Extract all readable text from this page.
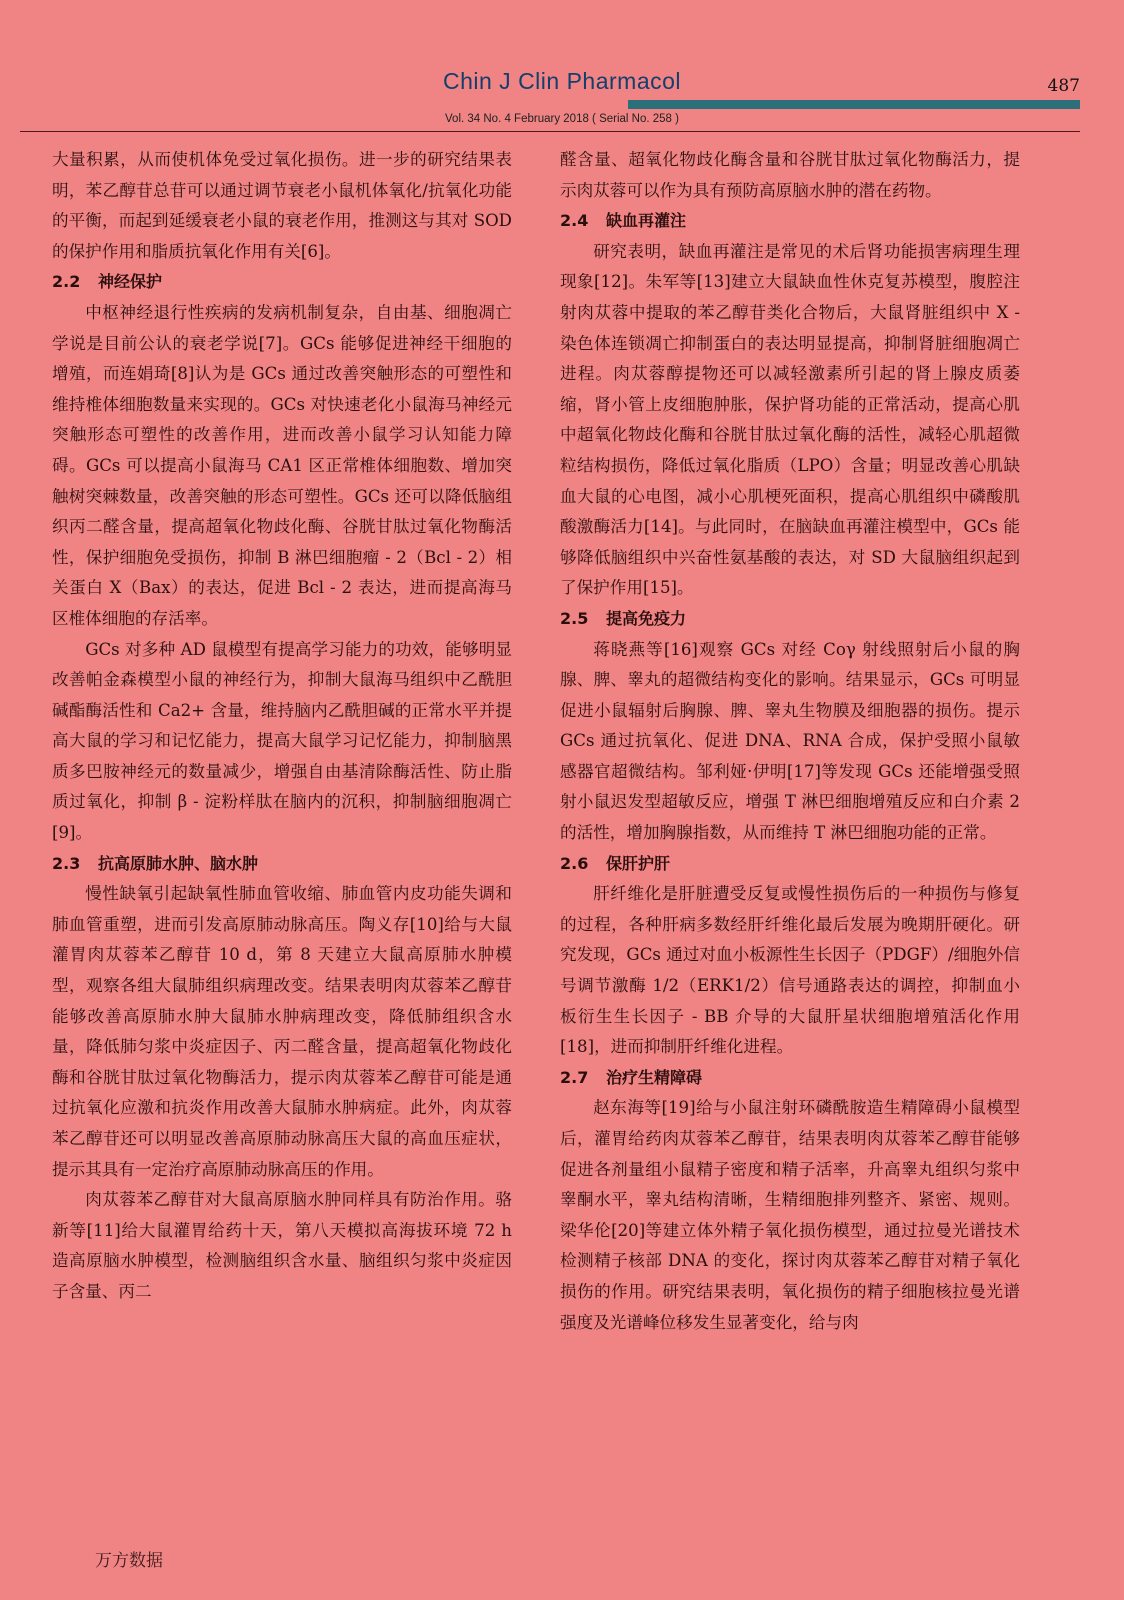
Chin J Clin Pharmacol	487
Vol. 34 No. 4 February 2018 ( Serial No. 258 )

大量积累，从而使机体免受过氧化损伤。进一步的研究结果表明，苯乙醇苷总苷可以通过调节衰老小鼠机体氧化/抗氧化功能的平衡，而起到延缓衰老小鼠的衰老作用，推测这与其对 SOD 的保护作用和脂质抗氧化作用有关[6]。

2.2 神经保护

中枢神经退行性疾病的发病机制复杂，自由基、细胞凋亡学说是目前公认的衰老学说[7]。GCs 能够促进神经干细胞的增殖，而连娟琦[8]认为是 GCs 通过改善突触形态的可塑性和维持椎体细胞数量来实现的。GCs 对快速老化小鼠海马神经元突触形态可塑性的改善作用，进而改善小鼠学习认知能力障碍。GCs 可以提高小鼠海马 CA1 区正常椎体细胞数、增加突触树突棘数量，改善突触的形态可塑性。GCs 还可以降低脑组织丙二醛含量，提高超氧化物歧化酶、谷胱甘肽过氧化物酶活性，保护细胞免受损伤，抑制 B 淋巴细胞瘤 - 2（Bcl - 2）相关蛋白 X（Bax）的表达，促进 Bcl - 2 表达，进而提高海马区椎体细胞的存活率。

GCs 对多种 AD 鼠模型有提高学习能力的功效，能够明显改善帕金森模型小鼠的神经行为，抑制大鼠海马组织中乙酰胆碱酯酶活性和 Ca2+ 含量，维持脑内乙酰胆碱的正常水平并提高大鼠的学习和记忆能力，提高大鼠学习记忆能力，抑制脑黑质多巴胺神经元的数量减少，增强自由基清除酶活性、防止脂质过氧化，抑制 β - 淀粉样肽在脑内的沉积，抑制脑细胞凋亡[9]。

2.3 抗高原肺水肿、脑水肿

慢性缺氧引起缺氧性肺血管收缩、肺血管内皮功能失调和肺血管重塑，进而引发高原肺动脉高压。陶义存[10]给与大鼠灌胃肉苁蓉苯乙醇苷 10 d，第 8 天建立大鼠高原肺水肿模型，观察各组大鼠肺组织病理改变。结果表明肉苁蓉苯乙醇苷能够改善高原肺水肿大鼠肺水肿病理改变，降低肺组织含水量，降低肺匀浆中炎症因子、丙二醛含量，提高超氧化物歧化酶和谷胱甘肽过氧化物酶活力，提示肉苁蓉苯乙醇苷可能是通过抗氧化应激和抗炎作用改善大鼠肺水肿病症。此外，肉苁蓉苯乙醇苷还可以明显改善高原肺动脉高压大鼠的高血压症状，提示其具有一定治疗高原肺动脉高压的作用。

肉苁蓉苯乙醇苷对大鼠高原脑水肿同样具有防治作用。骆新等[11]给大鼠灌胃给药十天，第八天模拟高海拔环境 72 h 造高原脑水肿模型，检测脑组织含水量、脑组织匀浆中炎症因子含量、丙二

醛含量、超氧化物歧化酶含量和谷胱甘肽过氧化物酶活力，提示肉苁蓉可以作为具有预防高原脑水肿的潜在药物。

2.4 缺血再灌注

研究表明，缺血再灌注是常见的术后肾功能损害病理生理现象[12]。朱军等[13]建立大鼠缺血性休克复苏模型，腹腔注射肉苁蓉中提取的苯乙醇苷类化合物后，大鼠肾脏组织中 X - 染色体连锁凋亡抑制蛋白的表达明显提高，抑制肾脏细胞凋亡进程。肉苁蓉醇提物还可以减轻激素所引起的肾上腺皮质萎缩，肾小管上皮细胞肿胀，保护肾功能的正常活动，提高心肌中超氧化物歧化酶和谷胱甘肽过氧化酶的活性，减轻心肌超微粒结构损伤，降低过氧化脂质（LPO）含量；明显改善心肌缺血大鼠的心电图，减小心肌梗死面积，提高心肌组织中磷酸肌酸激酶活力[14]。与此同时，在脑缺血再灌注模型中，GCs 能够降低脑组织中兴奋性氨基酸的表达，对 SD 大鼠脑组织起到了保护作用[15]。

2.5 提高免疫力

蒋晓燕等[16]观察 GCs 对经 Coγ 射线照射后小鼠的胸腺、脾、睾丸的超微结构变化的影响。结果显示，GCs 可明显促进小鼠辐射后胸腺、脾、睾丸生物膜及细胞器的损伤。提示 GCs 通过抗氧化、促进 DNA、RNA 合成，保护受照小鼠敏感器官超微结构。邹利娅·伊明[17]等发现 GCs 还能增强受照射小鼠迟发型超敏反应，增强 T 淋巴细胞增殖反应和白介素 2 的活性，增加胸腺指数，从而维持 T 淋巴细胞功能的正常。

2.6 保肝护肝

肝纤维化是肝脏遭受反复或慢性损伤后的一种损伤与修复的过程，各种肝病多数经肝纤维化最后发展为晚期肝硬化。研究发现，GCs 通过对血小板源性生长因子（PDGF）/细胞外信号调节激酶 1/2（ERK1/2）信号通路表达的调控，抑制血小板衍生生长因子 - BB 介导的大鼠肝星状细胞增殖活化作用[18]，进而抑制肝纤维化进程。

2.7 治疗生精障碍

赵东海等[19]给与小鼠注射环磷酰胺造生精障碍小鼠模型后，灌胃给药肉苁蓉苯乙醇苷，结果表明肉苁蓉苯乙醇苷能够促进各剂量组小鼠精子密度和精子活率，升高睾丸组织匀浆中睾酮水平，睾丸结构清晰，生精细胞排列整齐、紧密、规则。梁华伦[20]等建立体外精子氧化损伤模型，通过拉曼光谱技术检测精子核部 DNA 的变化，探讨肉苁蓉苯乙醇苷对精子氧化损伤的作用。研究结果表明，氧化损伤的精子细胞核拉曼光谱强度及光谱峰位移发生显著变化，给与肉

万方数据
